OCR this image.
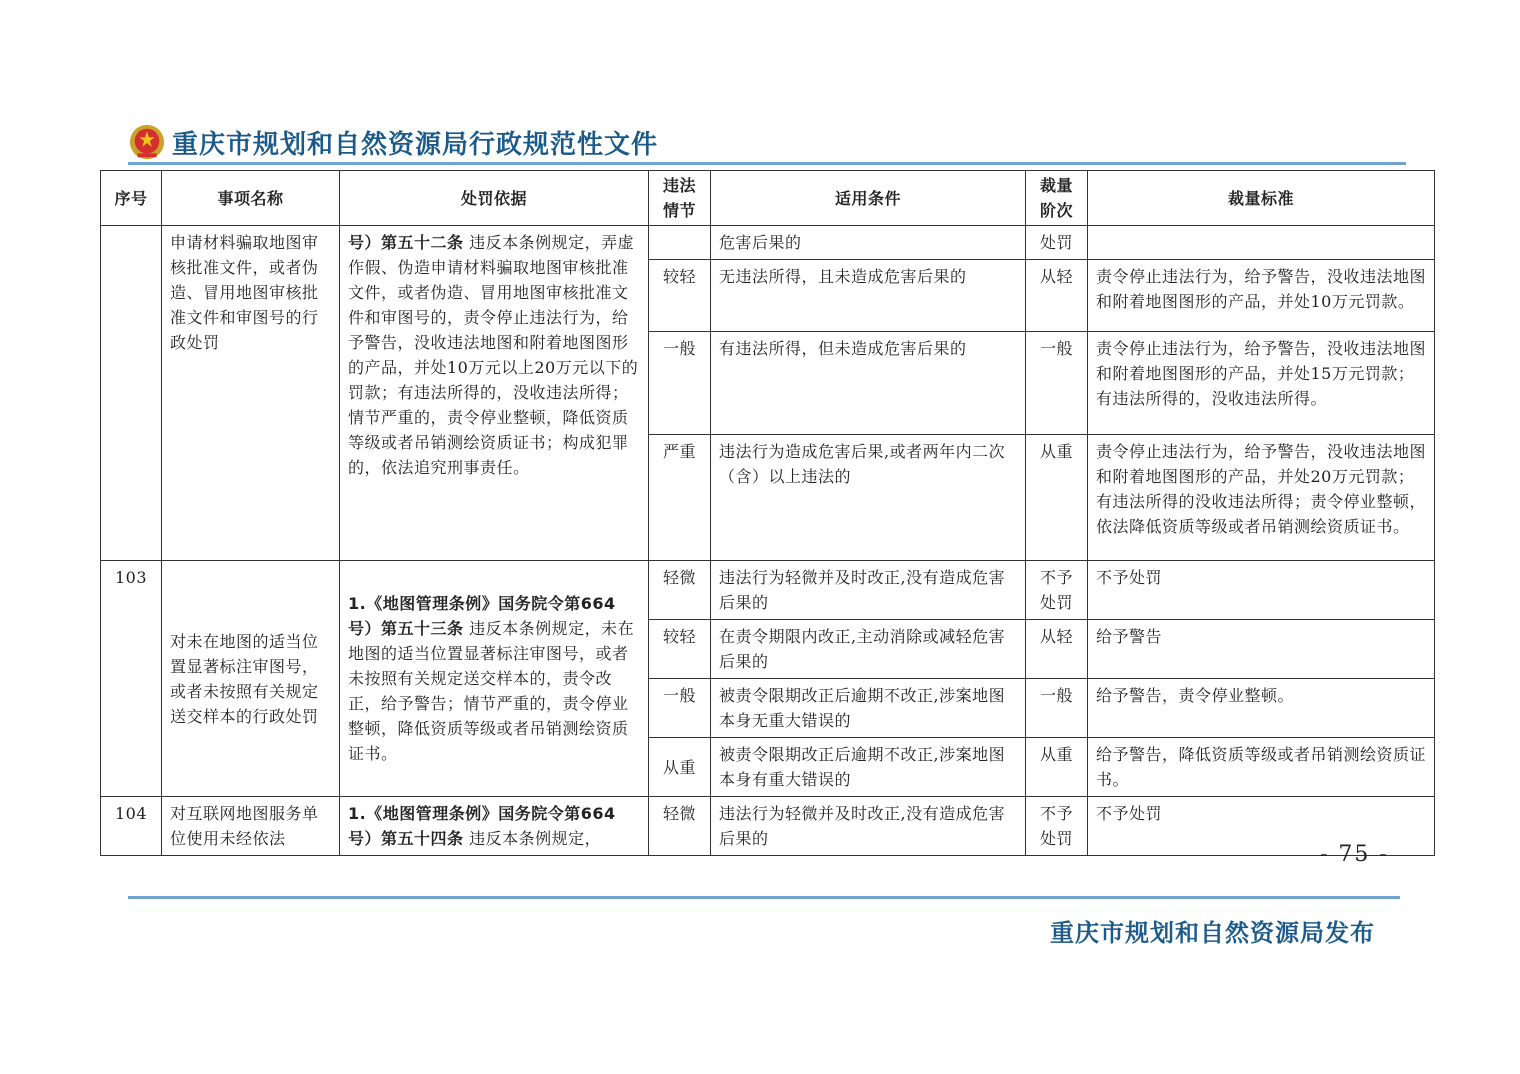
重庆市规划和自然资源局行政规范性文件
序号	事项名称	处罚依据	违法情节	适用条件	裁量阶次	裁量标准
	申请材料骗取地图审核批准文件，或者伪造、冒用地图审核批准文件和审图号的行政处罚	号）第五十二条 违反本条例规定，弄虚作假、伪造申请材料骗取地图审核批准文件，或者伪造、冒用地图审核批准文件和审图号的，责令停止违法行为，给予警告，没收违法地图和附着地图图形的产品，并处10万元以上20万元以下的罚款；有违法所得的，没收违法所得；情节严重的，责令停业整顿，降低资质等级或者吊销测绘资质证书；构成犯罪的，依法追究刑事责任。		危害后果的	处罚	
			较轻	无违法所得，且未造成危害后果的	从轻	责令停止违法行为，给予警告，没收违法地图和附着地图图形的产品，并处10万元罚款。
			一般	有违法所得，但未造成危害后果的	一般	责令停止违法行为，给予警告，没收违法地图和附着地图图形的产品，并处15万元罚款；有违法所得的，没收违法所得。
			严重	违法行为造成危害后果,或者两年内二次（含）以上违法的	从重	责令停止违法行为，给予警告，没收违法地图和附着地图图形的产品，并处20万元罚款；有违法所得的没收违法所得；责令停业整顿，依法降低资质等级或者吊销测绘资质证书。
103	对未在地图的适当位置显著标注审图号，或者未按照有关规定送交样本的行政处罚	1.《地图管理条例》国务院令第664号）第五十三条 违反本条例规定，未在地图的适当位置显著标注审图号，或者未按照有关规定送交样本的，责令改正，给予警告；情节严重的，责令停业整顿，降低资质等级或者吊销测绘资质证书。	轻微	违法行为轻微并及时改正,没有造成危害后果的	不予处罚	不予处罚
			较轻	在责令期限内改正,主动消除或减轻危害后果的	从轻	给予警告
			一般	被责令限期改正后逾期不改正,涉案地图本身无重大错误的	一般	给予警告，责令停业整顿。
			从重	被责令限期改正后逾期不改正,涉案地图本身有重大错误的	从重	给予警告，降低资质等级或者吊销测绘资质证书。
104	对互联网地图服务单位使用未经依法	1.《地图管理条例》国务院令第664号）第五十四条 违反本条例规定，	轻微	违法行为轻微并及时改正,没有造成危害后果的	不予处罚	不予处罚
- 75 -
重庆市规划和自然资源局发布
